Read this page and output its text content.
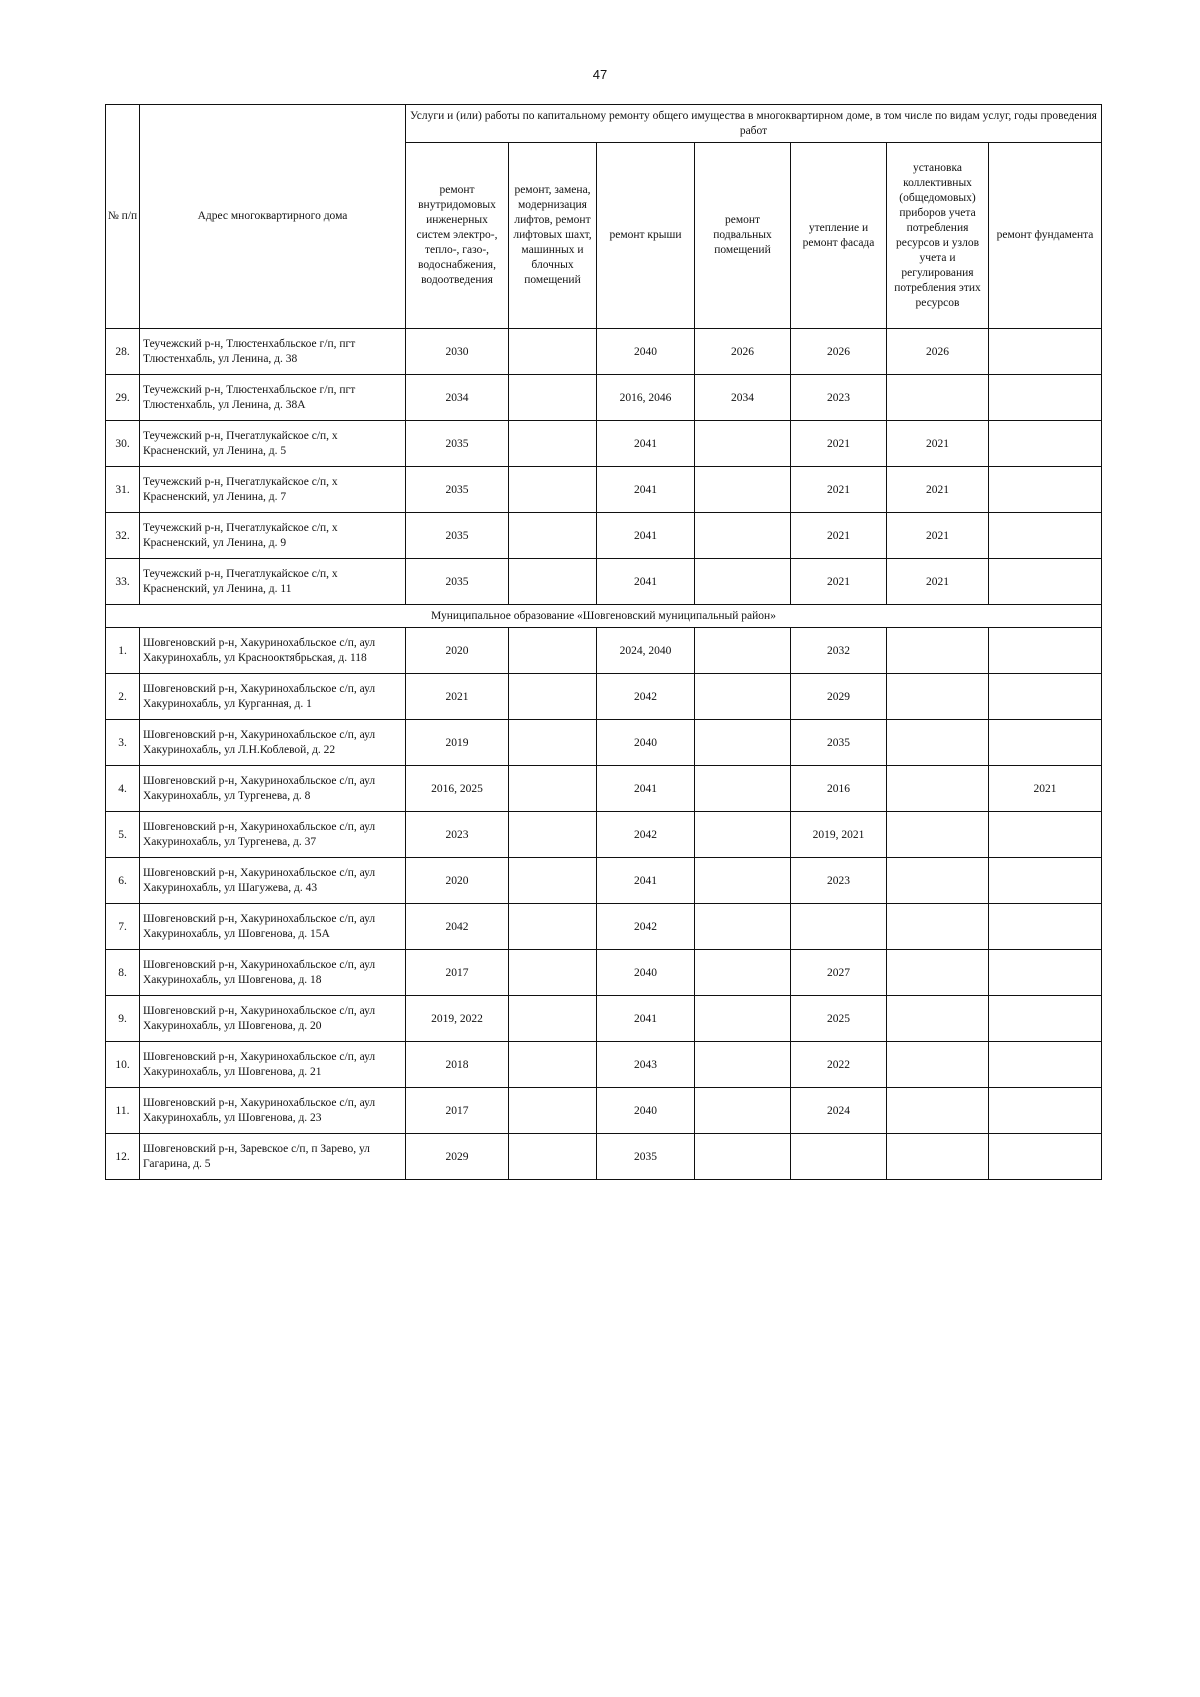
47
№ п/п	Адрес многоквартирного дома	Услуги и (или) работы по капитальному ремонту общего имущества в многоквартирном доме, в том числе по видам услуг, годы проведения работ						
		ремонт внутридомовых инженерных систем электро-, тепло-, газо-, водоснабжения, водоотведения	ремонт, замена, модернизация лифтов, ремонт лифтовых шахт, машинных и блочных помещений	ремонт крыши	ремонт подвальных помещений	утепление и ремонт фасада	установка коллективных (общедомовых) приборов учета потребления ресурсов и узлов учета и регулирования потребления этих ресурсов	ремонт фундамента
28.	Теучежский р-н, Тлюстенхабльское г/п, пгт Тлюстенхабль, ул Ленина, д. 38	2030		2040	2026	2026	2026	
29.	Теучежский р-н, Тлюстенхабльское г/п, пгт Тлюстенхабль, ул Ленина, д. 38А	2034		2016, 2046	2034	2023		
30.	Теучежский р-н, Пчегатлукайское с/п, х Красненский, ул Ленина, д. 5	2035		2041		2021	2021	
31.	Теучежский р-н, Пчегатлукайское с/п, х Красненский, ул Ленина, д. 7	2035		2041		2021	2021	
32.	Теучежский р-н, Пчегатлукайское с/п, х Красненский, ул Ленина, д. 9	2035		2041		2021	2021	
33.	Теучежский р-н, Пчегатлукайское с/п, х Красненский, ул Ленина, д. 11	2035		2041		2021	2021	
Муниципальное образование «Шовгеновский муниципальный район»								
1.	Шовгеновский р-н, Хакуринохабльское с/п, аул Хакуринохабль, ул Краснооктябрьская, д. 118	2020		2024, 2040		2032		
2.	Шовгеновский р-н, Хакуринохабльское с/п, аул Хакуринохабль, ул Курганная, д. 1	2021		2042		2029		
3.	Шовгеновский р-н, Хакуринохабльское с/п, аул Хакуринохабль, ул Л.Н.Коблевой, д. 22	2019		2040		2035		
4.	Шовгеновский р-н, Хакуринохабльское с/п, аул Хакуринохабль, ул Тургенева, д. 8	2016, 2025		2041		2016		2021
5.	Шовгеновский р-н, Хакуринохабльское с/п, аул Хакуринохабль, ул Тургенева, д. 37	2023		2042		2019, 2021		
6.	Шовгеновский р-н, Хакуринохабльское с/п, аул Хакуринохабль, ул Шагужева, д. 43	2020		2041		2023		
7.	Шовгеновский р-н, Хакуринохабльское с/п, аул Хакуринохабль, ул Шовгенова, д. 15А	2042		2042				
8.	Шовгеновский р-н, Хакуринохабльское с/п, аул Хакуринохабль, ул Шовгенова, д. 18	2017		2040		2027		
9.	Шовгеновский р-н, Хакуринохабльское с/п, аул Хакуринохабль, ул Шовгенова, д. 20	2019, 2022		2041		2025		
10.	Шовгеновский р-н, Хакуринохабльское с/п, аул Хакуринохабль, ул Шовгенова, д. 21	2018		2043		2022		
11.	Шовгеновский р-н, Хакуринохабльское с/п, аул Хакуринохабль, ул Шовгенова, д. 23	2017		2040		2024		
12.	Шовгеновский р-н, Заревское с/п, п Зарево, ул Гагарина, д. 5	2029		2035				
